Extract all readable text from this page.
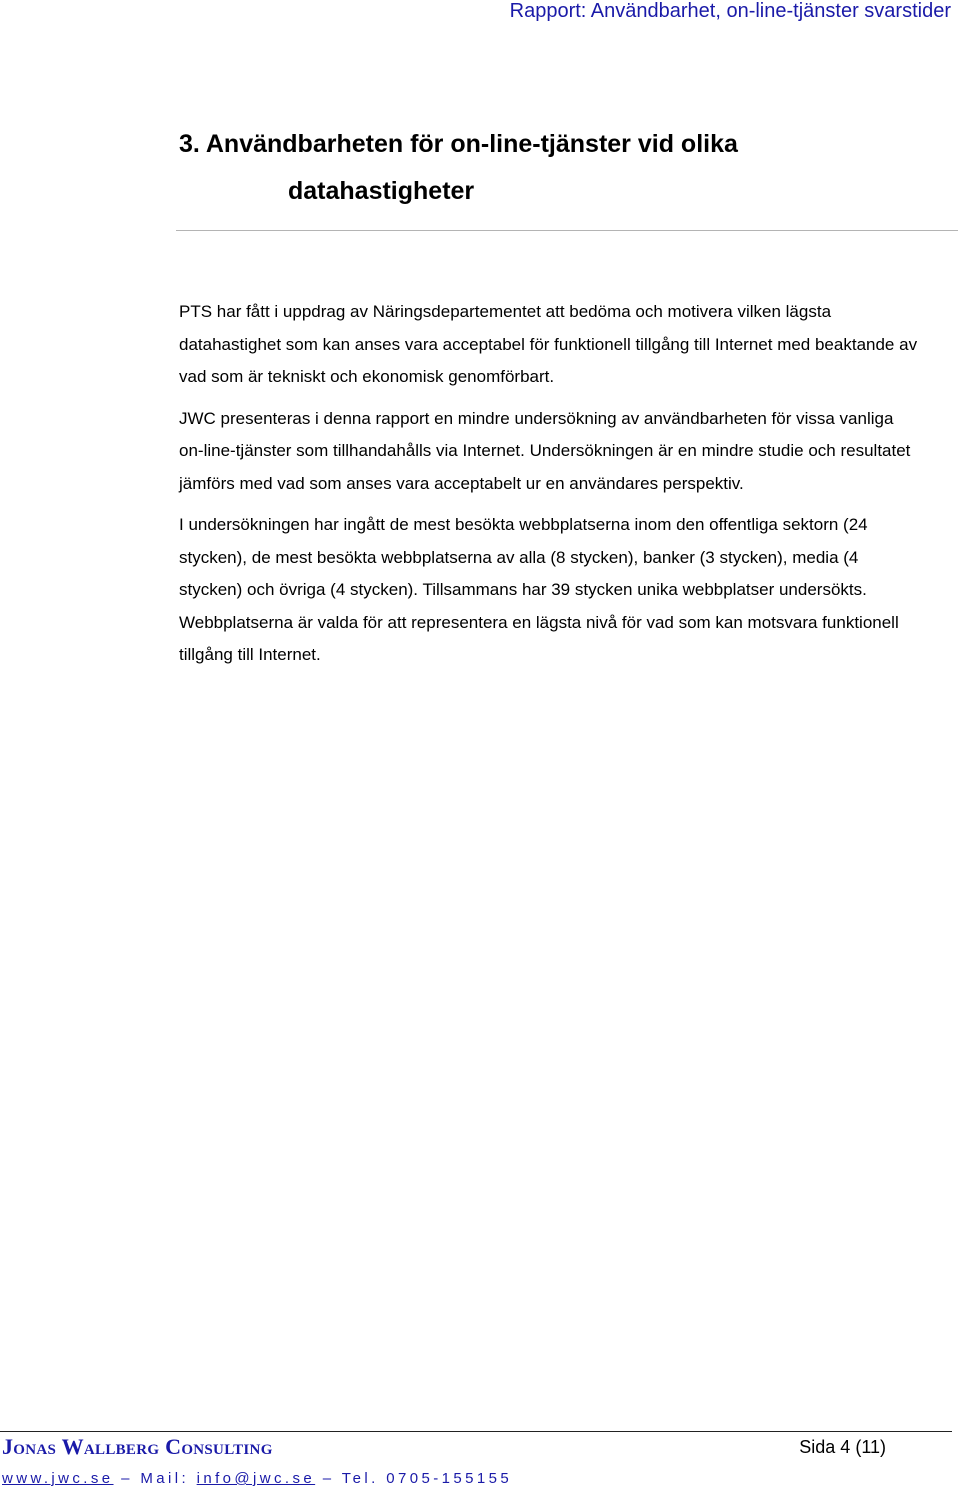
Rapport: Användbarhet, on-line-tjänster svarstider
3. Användbarheten för on-line-tjänster vid olika
datahastigheter

PTS har fått i uppdrag av Näringsdepartementet att bedöma och motivera vilken lägsta datahastighet som kan anses vara acceptabel för funktionell tillgång till Internet med beaktande av vad som är tekniskt och ekonomisk genomförbart.

JWC presenteras i denna rapport en mindre undersökning av användbarheten för vissa vanliga on-line-tjänster som tillhandahålls via Internet. Undersökningen är en mindre studie och resultatet jämförs med vad som anses vara acceptabelt ur en användares perspektiv.

I undersökningen har ingått de mest besökta webbplatserna inom den offentliga sektorn (24 stycken), de mest besökta webbplatserna av alla (8 stycken), banker (3 stycken), media (4 stycken) och övriga (4 stycken). Tillsammans har 39 stycken unika webbplatser undersökts. Webbplatserna är valda för att representera en lägsta nivå för vad som kan motsvara funktionell tillgång till Internet.

Jonas Wallberg Consulting	Sida 4 (11)
www.jwc.se – Mail: info@jwc.se – Tel. 0705-155155
